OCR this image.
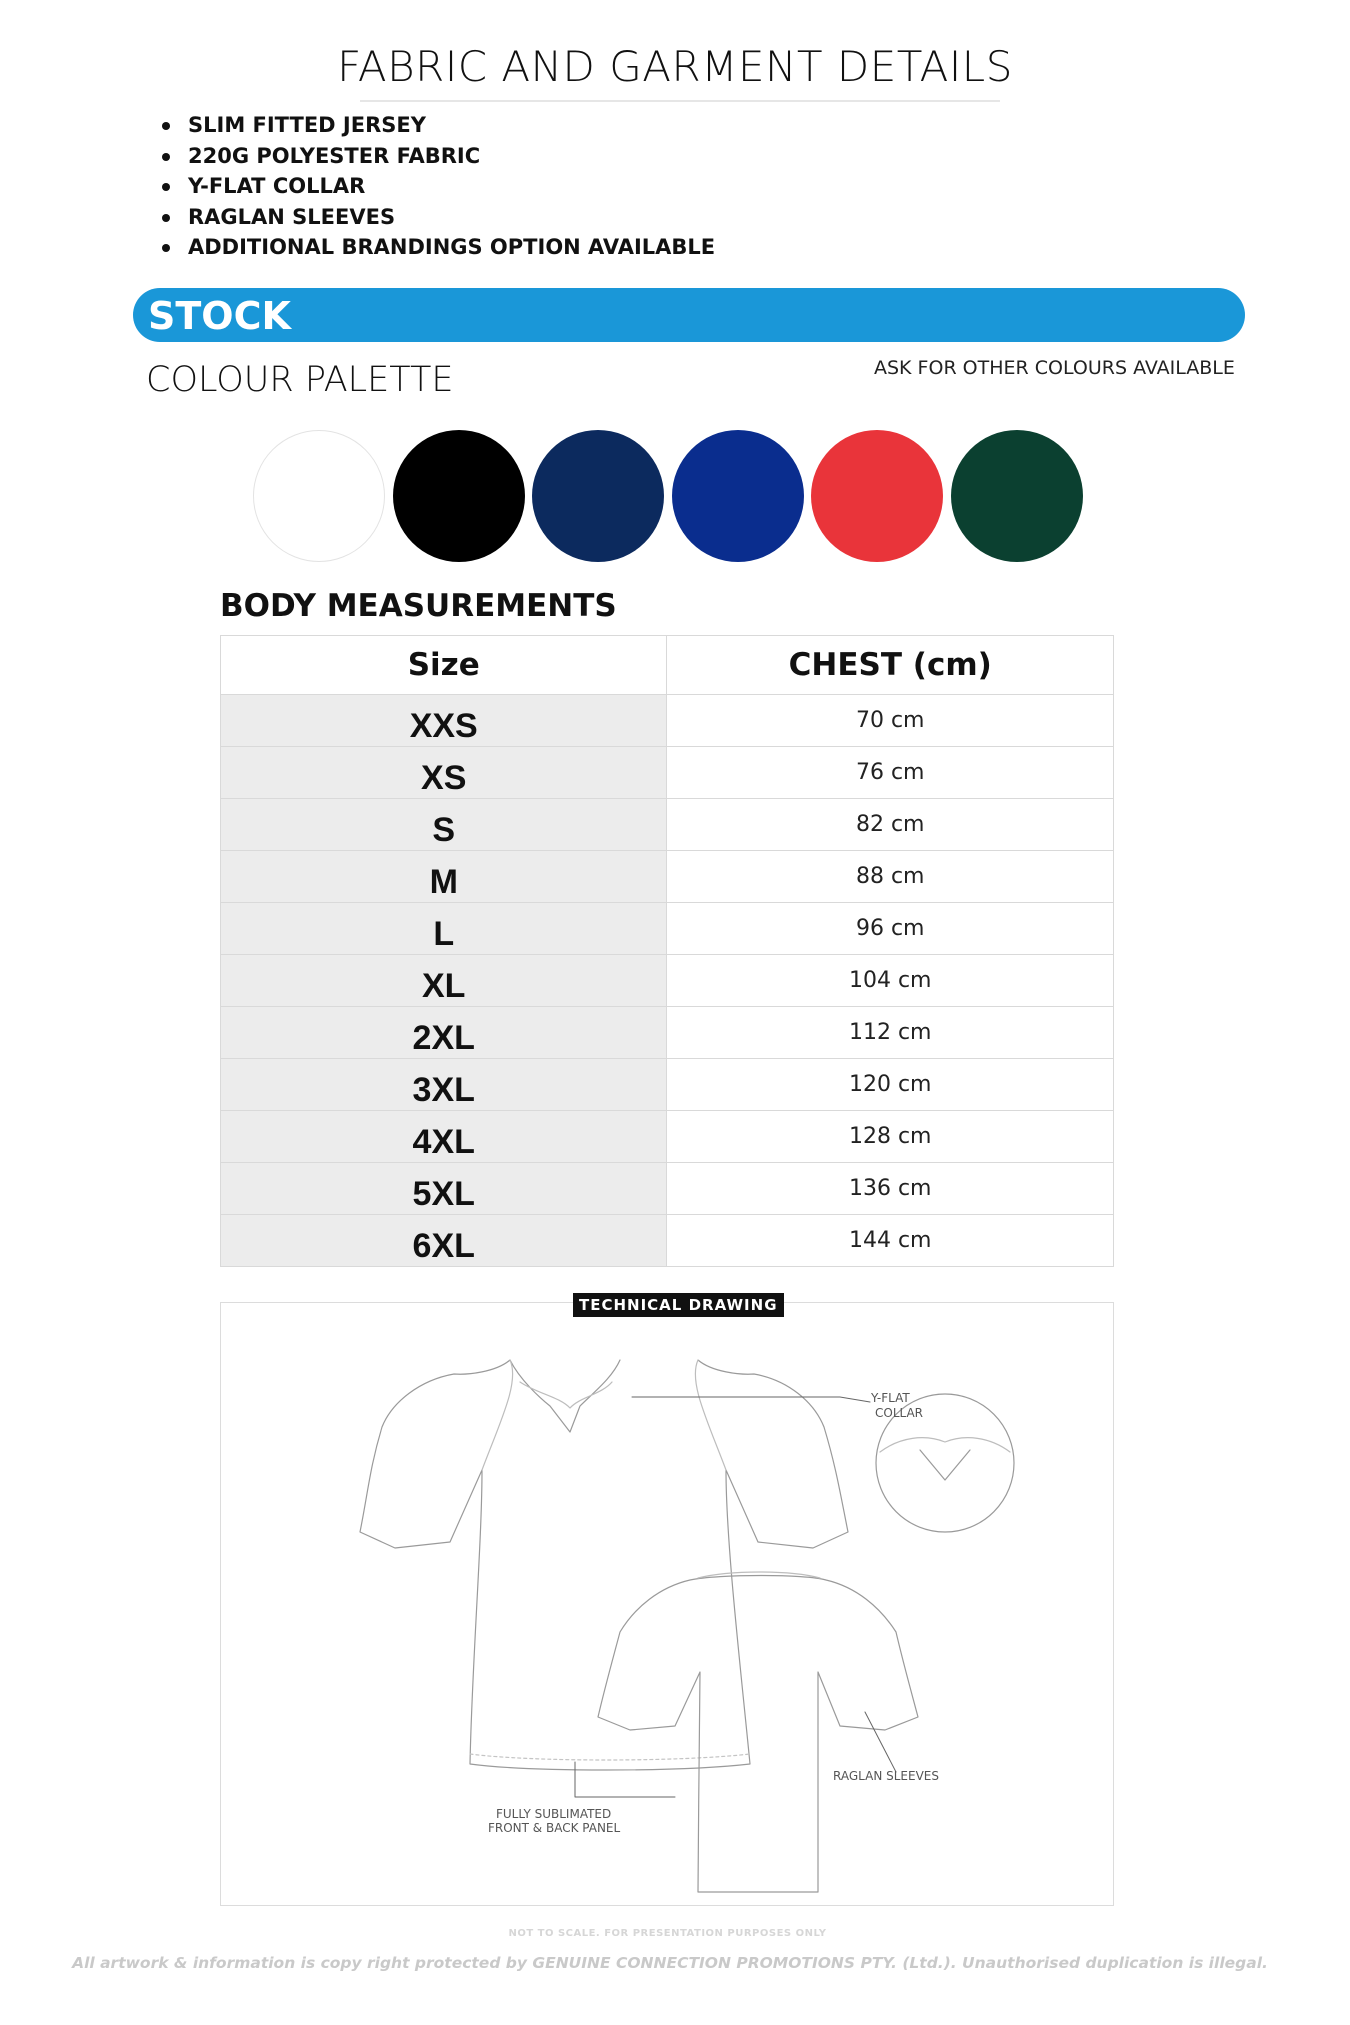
FABRIC AND GARMENT DETAILS
SLIM FITTED JERSEY
220G POLYESTER FABRIC
Y-FLAT COLLAR
RAGLAN SLEEVES
ADDITIONAL BRANDINGS OPTION AVAILABLE
STOCK
COLOUR PALETTE	ASK FOR OTHER COLOURS AVAILABLE
BODY MEASUREMENTS
Size	CHEST (cm)
XXS	70 cm
XS	76 cm
S	82 cm
M	88 cm
L	96 cm
XL	104 cm
2XL	112 cm
3XL	120 cm
4XL	128 cm
5XL	136 cm
6XL	144 cm
TECHNICAL DRAWING
Y-FLAT
COLLAR
FULLY SUBLIMATED
FRONT & BACK PANEL
RAGLAN SLEEVES
NOT TO SCALE. FOR PRESENTATION PURPOSES ONLY
All artwork & information is copy right protected by GENUINE CONNECTION PROMOTIONS PTY. (Ltd.). Unauthorised duplication is illegal.
